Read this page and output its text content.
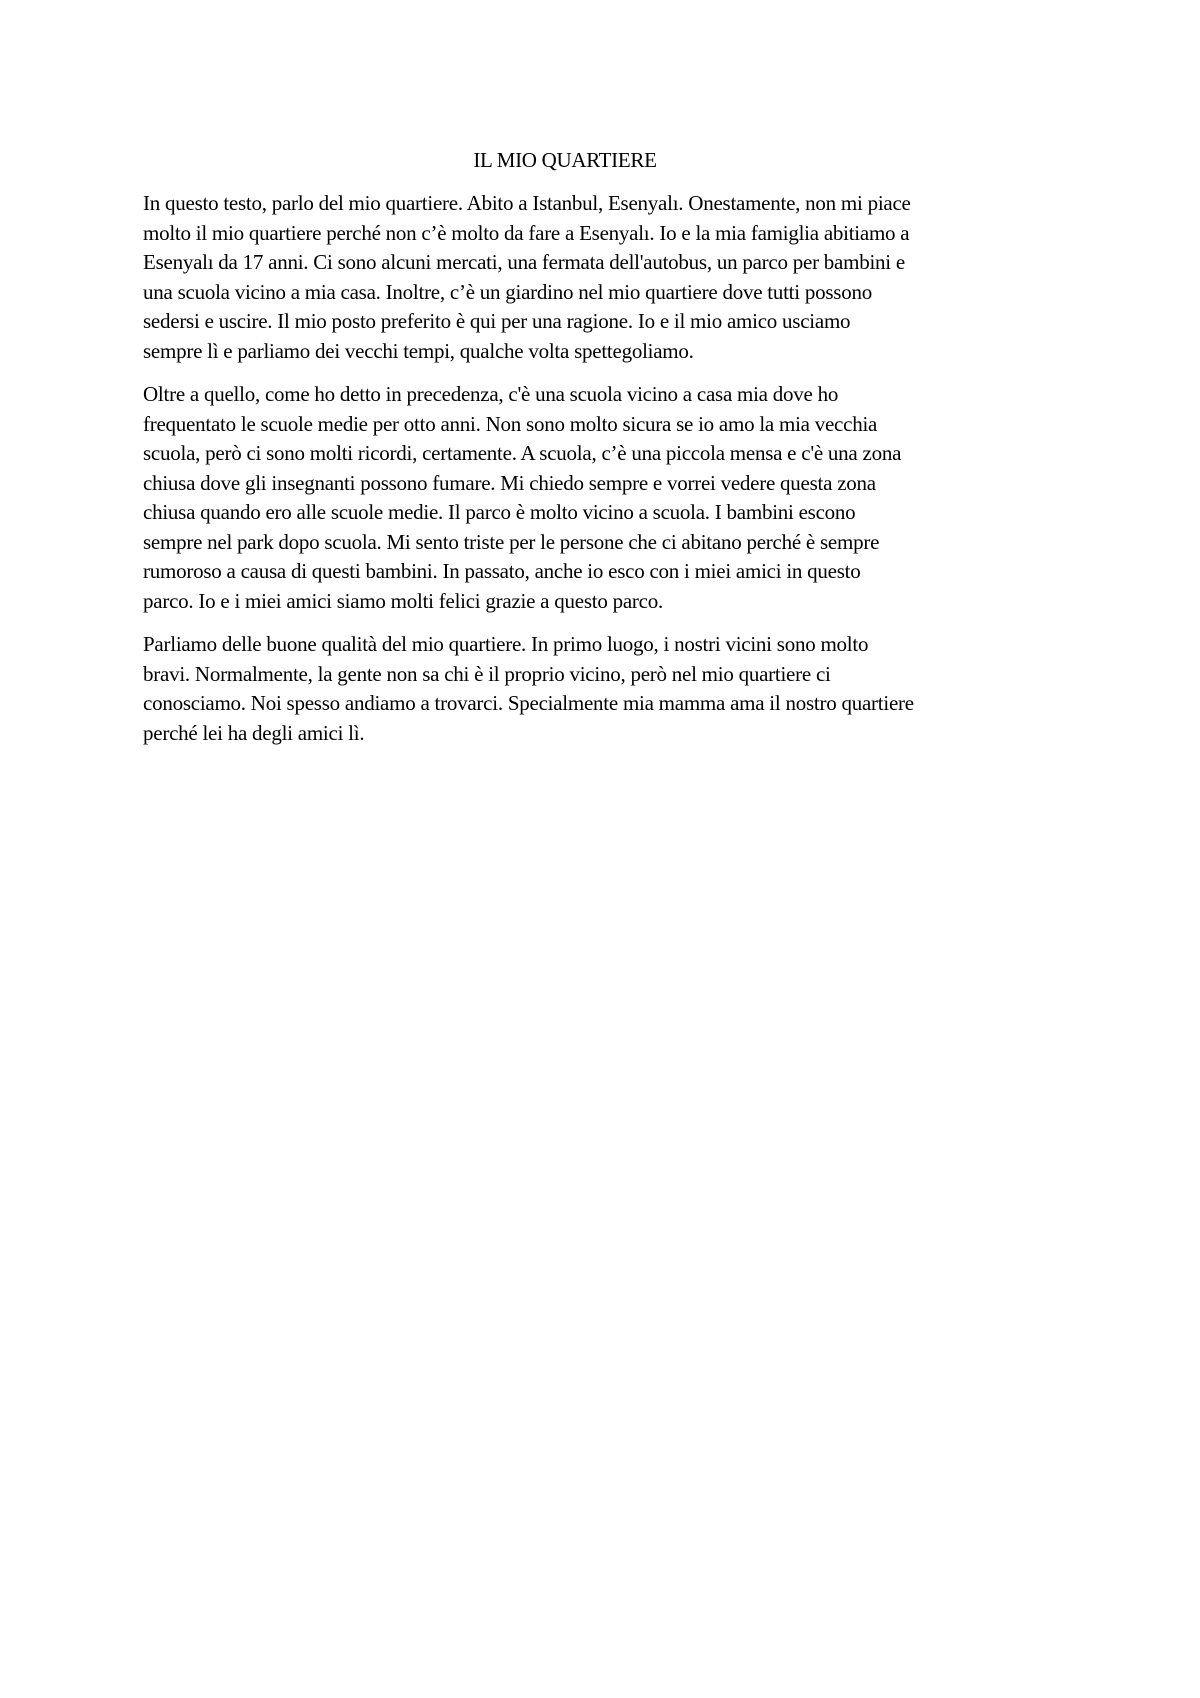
IL MIO QUARTIERE

In questo testo, parlo del mio quartiere. Abito a Istanbul, Esenyalı. Onestamente, non mi piace
molto il mio quartiere perché non c’è molto da fare a Esenyalı. Io e la mia famiglia abitiamo a
Esenyalı da 17 anni. Ci sono alcuni mercati, una fermata dell'autobus, un parco per bambini e
una scuola vicino a mia casa. Inoltre, c’è un giardino nel mio quartiere dove tutti possono
sedersi e uscire. Il mio posto preferito è qui per una ragione. Io e il mio amico usciamo
sempre lì e parliamo dei vecchi tempi, qualche volta spettegoliamo.

Oltre a quello, come ho detto in precedenza, c'è una scuola vicino a casa mia dove ho
frequentato le scuole medie per otto anni. Non sono molto sicura se io amo la mia vecchia
scuola, però ci sono molti ricordi, certamente. A scuola, c’è una piccola mensa e c'è una zona
chiusa dove gli insegnanti possono fumare. Mi chiedo sempre e vorrei vedere questa zona
chiusa quando ero alle scuole medie. Il parco è molto vicino a scuola. I bambini escono
sempre nel park dopo scuola. Mi sento triste per le persone che ci abitano perché è sempre
rumoroso a causa di questi bambini. In passato, anche io esco con i miei amici in questo
parco. Io e i miei amici siamo molti felici grazie a questo parco.

Parliamo delle buone qualità del mio quartiere. In primo luogo, i nostri vicini sono molto
bravi. Normalmente, la gente non sa chi è il proprio vicino, però nel mio quartiere ci
conosciamo. Noi spesso andiamo a trovarci. Specialmente mia mamma ama il nostro quartiere
perché lei ha degli amici lì.
